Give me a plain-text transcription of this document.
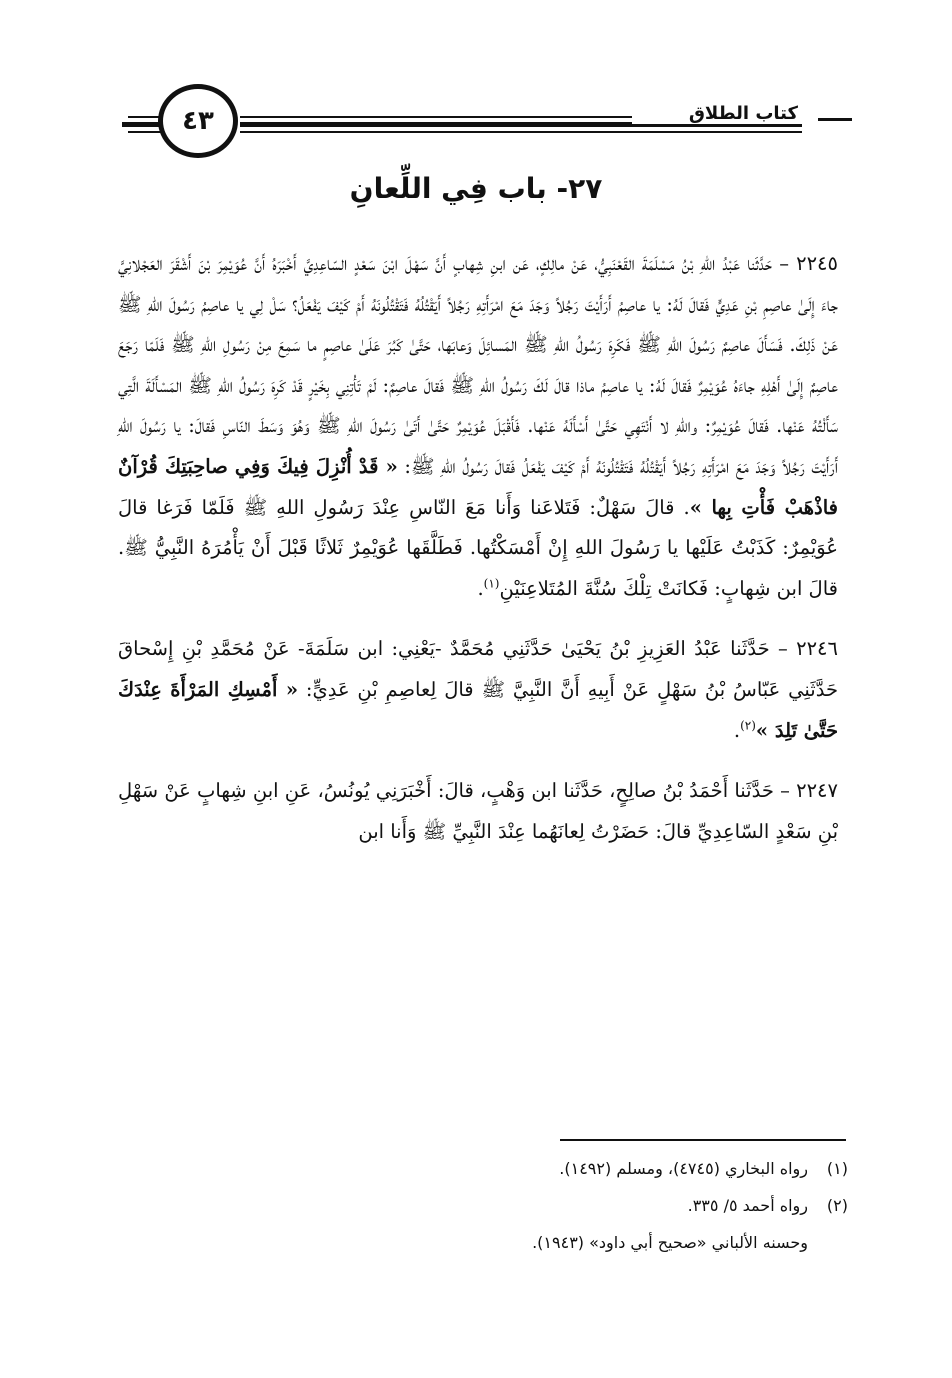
كتاب الطلاق
٤٣
٢٧- باب فِي اللِّعانِ

٢٢٤٥ – حَدَّثَنا عَبْدُ اللهِ بْنُ مَسْلَمَةَ القَعْنَبِيُّ، عَنْ مالِكٍ، عَن ابنِ شِهابٍ أَنَّ سَهْلَ ابْنَ سَعْدٍ السّاعِدِيَّ أَخْبَرَهُ أَنَّ عُوَيْمِرَ بْنَ أَشْقَرَ العَجْلانِيَّ جاءَ إِلَىٰ عاصِمِ بْنِ عَدِيٍّ فَقالَ لَهُ: يا عاصِمُ أَرَأَيْتَ رَجُلاً وَجَدَ مَعَ امْرَأَتِهِ رَجُلاً أَيَقْتُلُهُ فَتَقْتُلُونَهُ أَمْ كَيْفَ يَفْعَلُ؟ سَلْ لِي يا عاصِمُ رَسُولَ اللهِ ﷺ عَنْ ذَلِكَ. فَسَأَلَ عاصِمٌ رَسُولَ اللهِ ﷺ فَكَرِهَ رَسُولُ اللهِ ﷺ المَسائِلَ وَعابَها، حَتَّىٰ كَبُرَ عَلَىٰ عاصِمٍ ما سَمِعَ مِنْ رَسُولِ اللهِ ﷺ فَلَمّا رَجَعَ عاصِمٌ إِلَىٰ أَهْلِهِ جاءَهُ عُوَيْمِرٌ فَقالَ لَهُ: يا عاصِمُ ماذا قالَ لَكَ رَسُولُ اللهِ ﷺ فَقالَ عاصِمٌ: لَمْ تَأْتِنِي بِخَيْرٍ قَدْ كَرِهَ رَسُولُ اللهِ ﷺ المَسْأَلَةَ الَّتِي سَأَلْتُهُ عَنْها. فَقالَ عُوَيْمِرٌ: واللهِ لا أَنْتَهِي حَتَّىٰ أَسْأَلَهُ عَنْها. فَأَقْبَلَ عُوَيْمِرٌ حَتَّىٰ أَتَىٰ رَسُولَ اللهِ ﷺ وَهُوَ وَسَطَ النّاسِ فَقالَ: يا رَسُولَ اللهِ أَرَأَيْتَ رَجُلاً وَجَدَ مَعَ امْرَأَتِهِ رَجُلاً أَيَقْتُلُهُ فَتَقْتُلُونَهُ أَمْ كَيْفَ يَفْعَلُ فَقالَ رَسُولُ اللهِ ﷺ: « قَدْ أُنْزِلَ فِيكَ وَفِي صاحِبَتِكَ قُرْآنٌ فاذْهَبْ فَأْتِ بِها ». قالَ سَهْلٌ: فَتَلاعَنا وَأَنا مَعَ النّاسِ عِنْدَ رَسُولِ اللهِ ﷺ فَلَمّا فَرَغا قالَ عُوَيْمِرٌ: كَذَبْتُ عَلَيْها يا رَسُولَ اللهِ إِنْ أَمْسَكْتُها. فَطَلَّقَها عُوَيْمِرٌ ثَلاثًا قَبْلَ أَنْ يَأْمُرَهُ النَّبِيُّ ﷺ. قالَ ابن شِهابٍ: فَكانَتْ تِلْكَ سُنَّةَ المُتَلاعِنَيْنِ$^{(١)}$.

٢٢٤٦ – حَدَّثَنا عَبْدُ العَزِيزِ بْنُ يَحْيَىٰ حَدَّثَنِي مُحَمَّدٌ -يَعْنِي: ابن سَلَمَةَ- عَنْ مُحَمَّدِ بْنِ إِسْحاقَ حَدَّثَنِي عَبّاسُ بْنُ سَهْلٍ عَنْ أَبِيهِ أَنَّ النَّبِيَّ ﷺ قالَ لِعاصِمِ بْنِ عَدِيٍّ: « أَمْسِكِ المَرْأَةَ عِنْدَكَ حَتَّىٰ تَلِدَ »$^{(٢)}$.

٢٢٤٧ – حَدَّثَنا أَحْمَدُ بْنُ صالِحٍ، حَدَّثَنا ابن وَهْبٍ، قالَ: أَخْبَرَنِي يُونُسُ، عَنِ ابنِ شِهابٍ عَنْ سَهْلِ بْنِ سَعْدٍ السّاعِدِيِّ قالَ: حَضَرْتُ لِعانَهُما عِنْدَ النَّبِيِّ ﷺ وَأَنا ابن

(١)رواه البخاري (٤٧٤٥)، ومسلم (١٤٩٢).
(٢)رواه أحمد ٥/ ٣٣٥.
وحسنه الألباني «صحيح أبي داود» (١٩٤٣).
